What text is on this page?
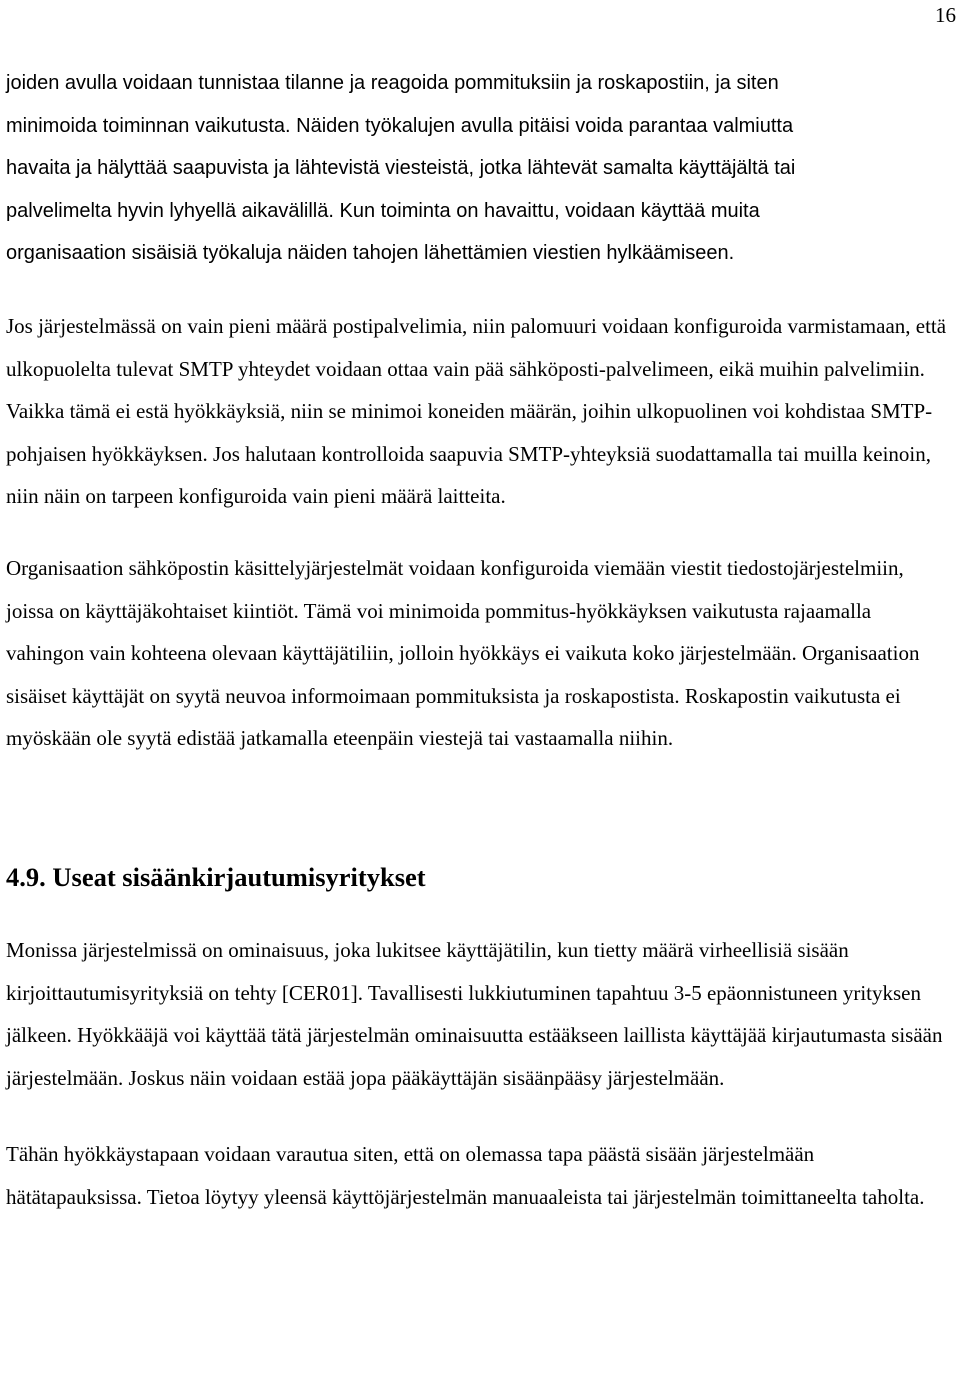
16

joiden avulla voidaan tunnistaa tilanne ja reagoida pommituksiin ja roskapostiin, ja siten

minimoida toiminnan vaikutusta. Näiden työkalujen avulla pitäisi voida parantaa valmiutta

havaita ja hälyttää saapuvista ja lähtevistä viesteistä, jotka lähtevät samalta käyttäjältä tai

palvelimelta hyvin lyhyellä aikavälillä. Kun toiminta on havaittu, voidaan käyttää muita

organisaation sisäisiä työkaluja näiden tahojen lähettämien viestien hylkäämiseen.

Jos järjestelmässä on vain pieni määrä postipalvelimia, niin palomuuri voidaan konfiguroida varmistamaan, että ulkopuolelta tulevat SMTP yhteydet voidaan ottaa vain pää sähköposti-palvelimeen, eikä muihin palvelimiin. Vaikka tämä ei estä hyökkäyksiä, niin se minimoi koneiden määrän, joihin ulkopuolinen voi kohdistaa SMTP-pohjaisen hyökkäyksen. Jos halutaan kontrolloida saapuvia SMTP-yhteyksiä suodattamalla tai muilla keinoin, niin näin on tarpeen konfiguroida vain pieni määrä laitteita.

Organisaation sähköpostin käsittelyjärjestelmät voidaan konfiguroida viemään viestit tiedostojärjestelmiin, joissa on käyttäjäkohtaiset kiintiöt. Tämä voi minimoida pommitus-hyökkäyksen vaikutusta rajaamalla vahingon vain kohteena olevaan käyttäjätiliin, jolloin hyökkäys ei vaikuta koko järjestelmään. Organisaation sisäiset käyttäjät on syytä neuvoa informoimaan pommituksista ja roskapostista. Roskapostin vaikutusta ei myöskään ole syytä edistää jatkamalla eteenpäin viestejä tai vastaamalla niihin.

4.9. Useat sisäänkirjautumisyritykset

Monissa järjestelmissä on ominaisuus, joka lukitsee käyttäjätilin, kun tietty määrä virheellisiä sisään kirjoittautumisyrityksiä on tehty [CER01]. Tavallisesti lukkiutuminen tapahtuu 3-5 epäonnistuneen yrityksen jälkeen. Hyökkääjä voi käyttää tätä järjestelmän ominaisuutta estääkseen laillista käyttäjää kirjautumasta sisään järjestelmään. Joskus näin voidaan estää jopa pääkäyttäjän sisäänpääsy järjestelmään.

Tähän hyökkäystapaan voidaan varautua siten, että on olemassa tapa päästä sisään järjestelmään hätätapauksissa. Tietoa löytyy yleensä käyttöjärjestelmän manuaaleista tai järjestelmän toimittaneelta taholta.
